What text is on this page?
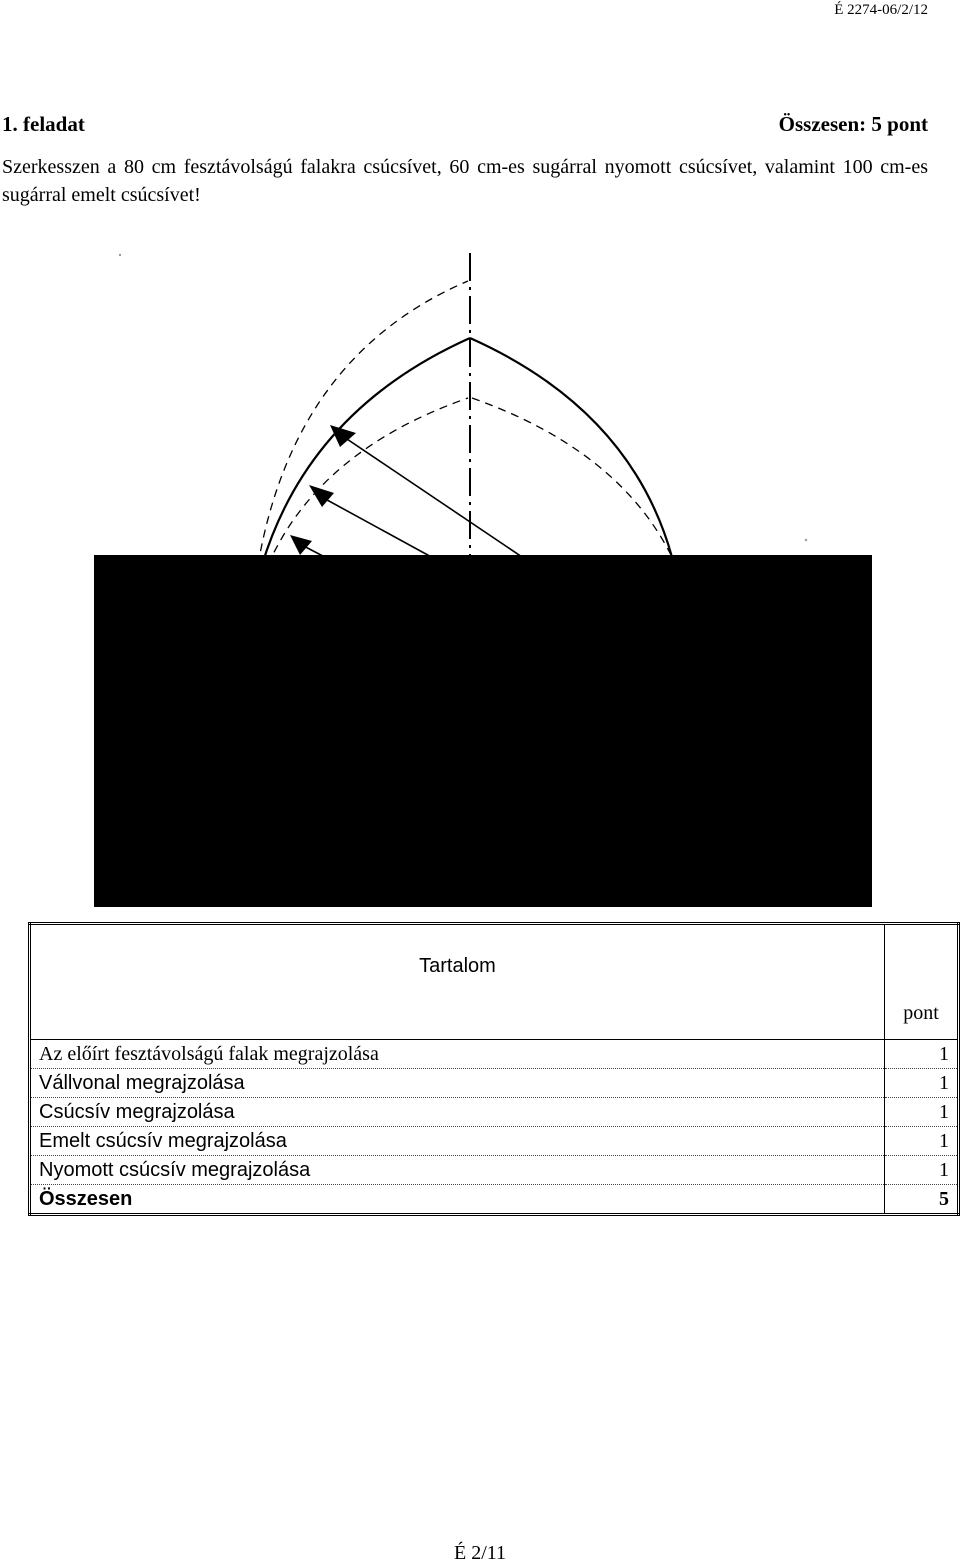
É 2274-06/2/12
1. feladat	Összesen: 5 pont
Szerkesszen a 80 cm fesztávolságú falakra csúcsívet, 60 cm-es sugárral nyomott csúcsívet, valamint 100 cm-es sugárral emelt csúcsívet!
Tartalom	pont
Az előírt fesztávolságú falak megrajzolása	1
Vállvonal megrajzolása	1
Csúcsív megrajzolása	1
Emelt csúcsív megrajzolása	1
Nyomott csúcsív megrajzolása	1
Összesen	5
É 2/11
